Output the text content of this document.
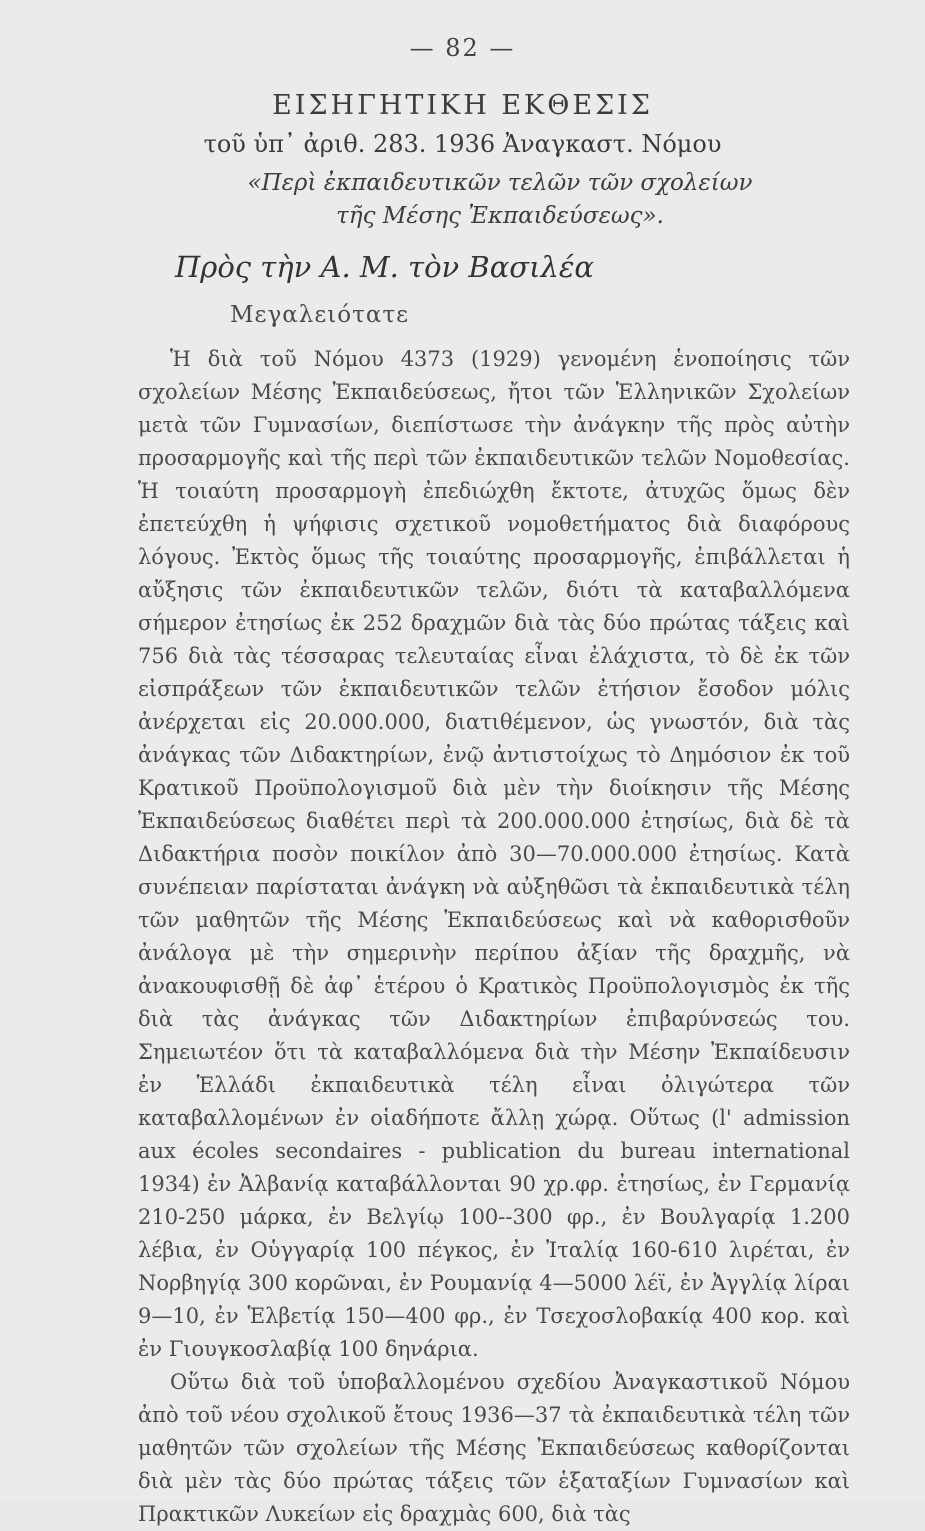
— 82 —
ΕΙΣΗΓΗΤΙΚΗ ΕΚΘΕΣΙΣ
τοῦ ὑπ᾽ ἀριθ. 283. 1936 Ἀναγκαστ. Νόμου
«Περὶ ἐκπαιδευτικῶν τελῶν τῶν σχολείων
τῆς Μέσης Ἐκπαιδεύσεως».
Πρὸς τὴν Α. Μ. τὸν Βασιλέα
Μεγαλειότατε

Ἡ διὰ τοῦ Νόμου 4373 (1929) γενομένη ἑνοποίησις τῶν σχολείων Μέσης Ἐκπαιδεύσεως, ἤτοι τῶν Ἑλληνικῶν Σχολείων μετὰ τῶν Γυμνασίων, διεπίστωσε τὴν ἀνάγκην τῆς πρὸς αὐτὴν προσαρμογῆς καὶ τῆς περὶ τῶν ἐκπαιδευτικῶν τελῶν Νομοθεσίας. Ἡ τοιαύτη προσαρμογὴ ἐπεδιώχθη ἔκτοτε, ἀτυχῶς ὅμως δὲν ἐπετεύχθη ἡ ψήφισις σχετικοῦ νομοθετήματος διὰ διαφόρους λόγους. Ἐκτὸς ὅμως τῆς τοιαύτης προσαρμογῆς, ἐπιβάλλεται ἡ αὔξησις τῶν ἐκπαιδευτικῶν τελῶν, διότι τὰ καταβαλλόμενα σήμερον ἐτησίως ἐκ 252 δραχμῶν διὰ τὰς δύο πρώτας τάξεις καὶ 756 διὰ τὰς τέσσαρας τελευταίας εἶναι ἐλάχιστα, τὸ δὲ ἐκ τῶν εἰσπράξεων τῶν ἐκπαιδευτικῶν τελῶν ἐτήσιον ἔσοδον μόλις ἀνέρχεται εἰς 20.000.000, διατιθέμενον, ὡς γνωστόν, διὰ τὰς ἀνάγκας τῶν Διδακτηρίων, ἐνῷ ἀντιστοίχως τὸ Δημόσιον ἐκ τοῦ Κρατικοῦ Προϋπολογισμοῦ διὰ μὲν τὴν διοίκησιν τῆς Μέσης Ἐκπαιδεύσεως διαθέτει περὶ τὰ 200.000.000 ἐτησίως, διὰ δὲ τὰ Διδακτήρια ποσὸν ποικίλον ἀπὸ 30—70.000.000 ἐτησίως. Κατὰ συνέπειαν παρίσταται ἀνάγκη νὰ αὐξηθῶσι τὰ ἐκπαιδευτικὰ τέλη τῶν μαθητῶν τῆς Μέσης Ἐκπαιδεύσεως καὶ νὰ καθορισθοῦν ἀνάλογα μὲ τὴν σημερινὴν περίπου ἀξίαν τῆς δραχμῆς, νὰ ἀνακουφισθῇ δὲ ἀφ᾽ ἑτέρου ὁ Κρατικὸς Προϋπολογισμὸς ἐκ τῆς διὰ τὰς ἀνάγκας τῶν Διδακτηρίων ἐπιβαρύνσεώς του. Σημειωτέον ὅτι τὰ καταβαλλόμενα διὰ τὴν Μέσην Ἐκπαίδευσιν ἐν Ἑλλάδι ἐκπαιδευτικὰ τέλη εἶναι ὀλιγώτερα τῶν καταβαλλομένων ἐν οἱαδήποτε ἄλλῃ χώρᾳ. Οὕτως (l' admission aux écoles secondaires - publication du bureau international 1934) ἐν Ἀλβανίᾳ καταβάλλονται 90 χρ.φρ. ἐτησίως, ἐν Γερμανίᾳ 210-250 μάρκα, ἐν Βελγίῳ 100--300 φρ., ἐν Βουλγαρίᾳ 1.200 λέβια, ἐν Οὑγγαρίᾳ 100 πέγκος, ἐν Ἰταλίᾳ 160-610 λιρέται, ἐν Νορβηγίᾳ 300 κορῶναι, ἐν Ρουμανίᾳ 4—5000 λέϊ, ἐν Ἀγγλίᾳ λίραι 9—10, ἐν Ἑλβετίᾳ 150—400 φρ., ἐν Τσεχοσλοβακίᾳ 400 κορ. καὶ ἐν Γιουγκοσλαβίᾳ 100 δηνάρια.

Οὕτω διὰ τοῦ ὑποβαλλομένου σχεδίου Ἀναγκαστικοῦ Νόμου ἀπὸ τοῦ νέου σχολικοῦ ἔτους 1936—37 τὰ ἐκπαιδευτικὰ τέλη τῶν μαθητῶν τῶν σχολείων τῆς Μέσης Ἐκπαιδεύσεως καθορίζονται διὰ μὲν τὰς δύο πρώτας τάξεις τῶν ἑξαταξίων Γυμνασίων καὶ Πρακτικῶν Λυκείων εἰς δραχμὰς 600, διὰ τὰς
